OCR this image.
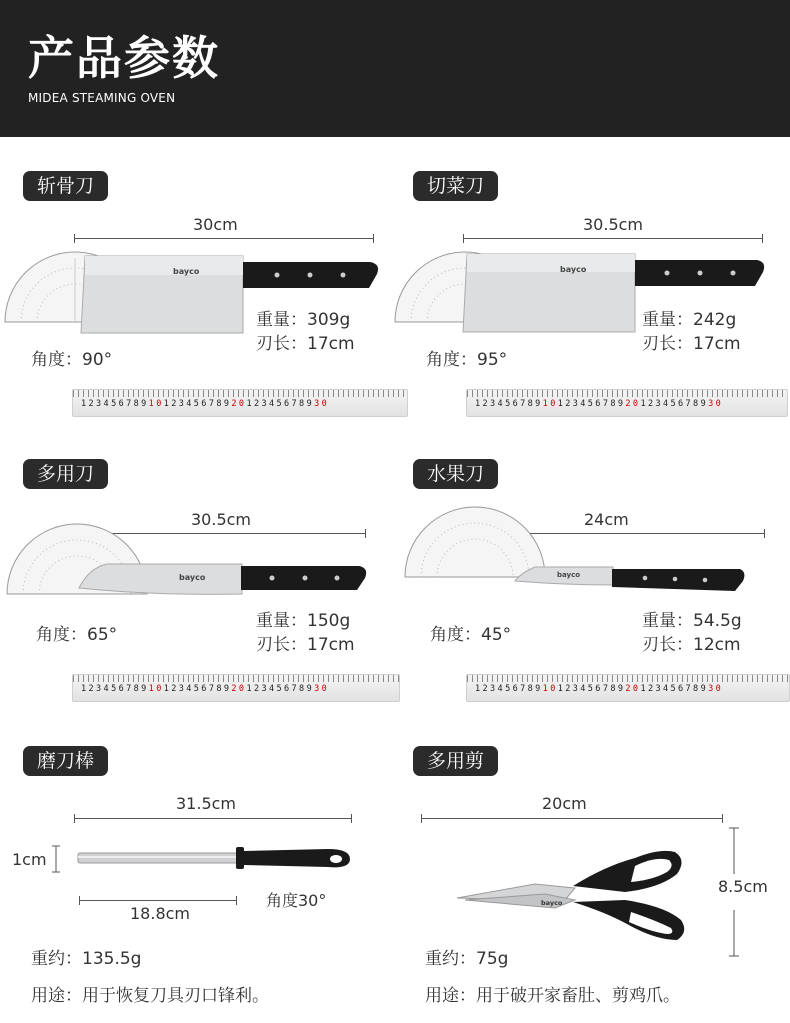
产品参数
MIDEA STEAMING OVEN
斩骨刀
30cm
bayco
重量：309g
刃长：17cm
角度：90°
123456789101234567892012345678930
切菜刀
30.5cm
bayco
重量：242g
刃长：17cm
角度：95°
123456789101234567892012345678930
多用刀
30.5cm
bayco
重量：150g
刃长：17cm
角度：65°
123456789101234567892012345678930
水果刀
24cm
bayco
重量：54.5g
刃长：12cm
角度：45°
123456789101234567892012345678930
磨刀棒
31.5cm
1cm
18.8cm
角度30°
重约：135.5g
用途：用于恢复刀具刃口锋利。
多用剪
20cm
bayco
8.5cm
重约：75g
用途：用于破开家畜肚、剪鸡爪。
